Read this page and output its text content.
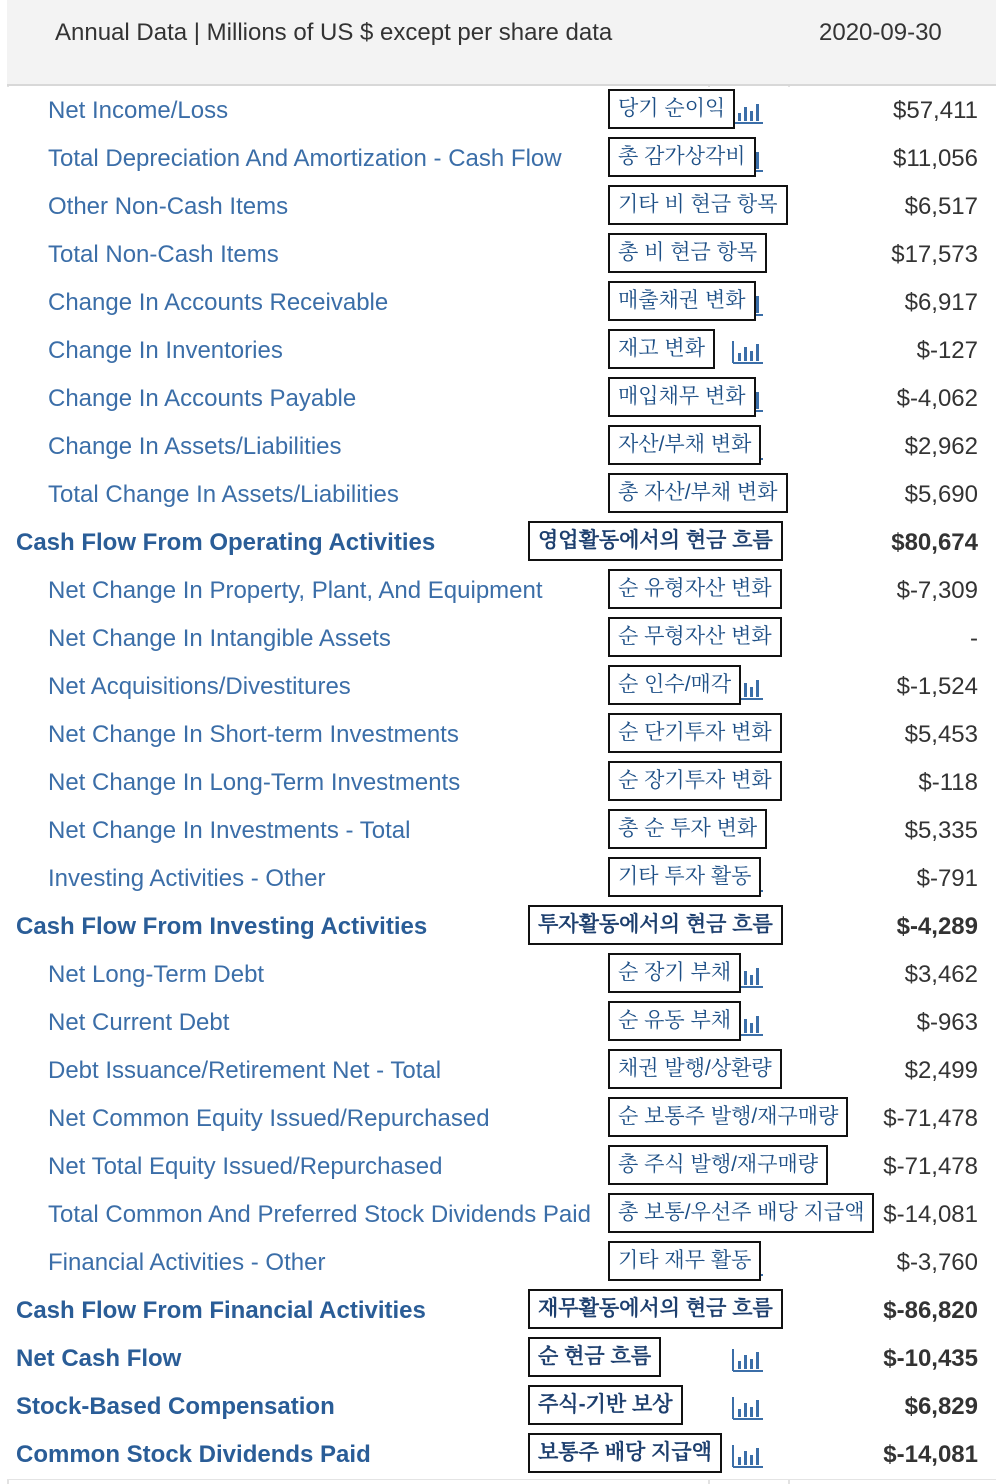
Annual Data | Millions of US $ except per share data	2020-09-30
Net Income/Loss	당기 순이익	$57,411
Total Depreciation And Amortization - Cash Flow	총 감가상각비	$11,056
Other Non-Cash Items	기타 비 현금 항목	$6,517
Total Non-Cash Items	총 비 현금 항목	$17,573
Change In Accounts Receivable	매출채권 변화	$6,917
Change In Inventories	재고 변화	$-127
Change In Accounts Payable	매입채무 변화	$-4,062
Change In Assets/Liabilities	자산/부채 변화	$2,962
Total Change In Assets/Liabilities	총 자산/부채 변화	$5,690
Cash Flow From Operating Activities	영업활동에서의 현금 흐름	$80,674
Net Change In Property, Plant, And Equipment	순 유형자산 변화	$-7,309
Net Change In Intangible Assets	순 무형자산 변화	-
Net Acquisitions/Divestitures	순 인수/매각	$-1,524
Net Change In Short-term Investments	순 단기투자 변화	$5,453
Net Change In Long-Term Investments	순 장기투자 변화	$-118
Net Change In Investments - Total	총 순 투자 변화	$5,335
Investing Activities - Other	기타 투자 활동	$-791
Cash Flow From Investing Activities	투자활동에서의 현금 흐름	$-4,289
Net Long-Term Debt	순 장기 부채	$3,462
Net Current Debt	순 유동 부채	$-963
Debt Issuance/Retirement Net - Total	채권 발행/상환량	$2,499
Net Common Equity Issued/Repurchased	순 보통주 발행/재구매량	$-71,478
Net Total Equity Issued/Repurchased	총 주식 발행/재구매량	$-71,478
Total Common And Preferred Stock Dividends Paid	총 보통/우선주 배당 지급액 $-14,081
Financial Activities - Other	기타 재무 활동	$-3,760
Cash Flow From Financial Activities	재무활동에서의 현금 흐름	$-86,820
Net Cash Flow	순 현금 흐름	$-10,435
Stock-Based Compensation	주식-기반 보상	$6,829
Common Stock Dividends Paid	보통주 배당 지급액	$-14,081
